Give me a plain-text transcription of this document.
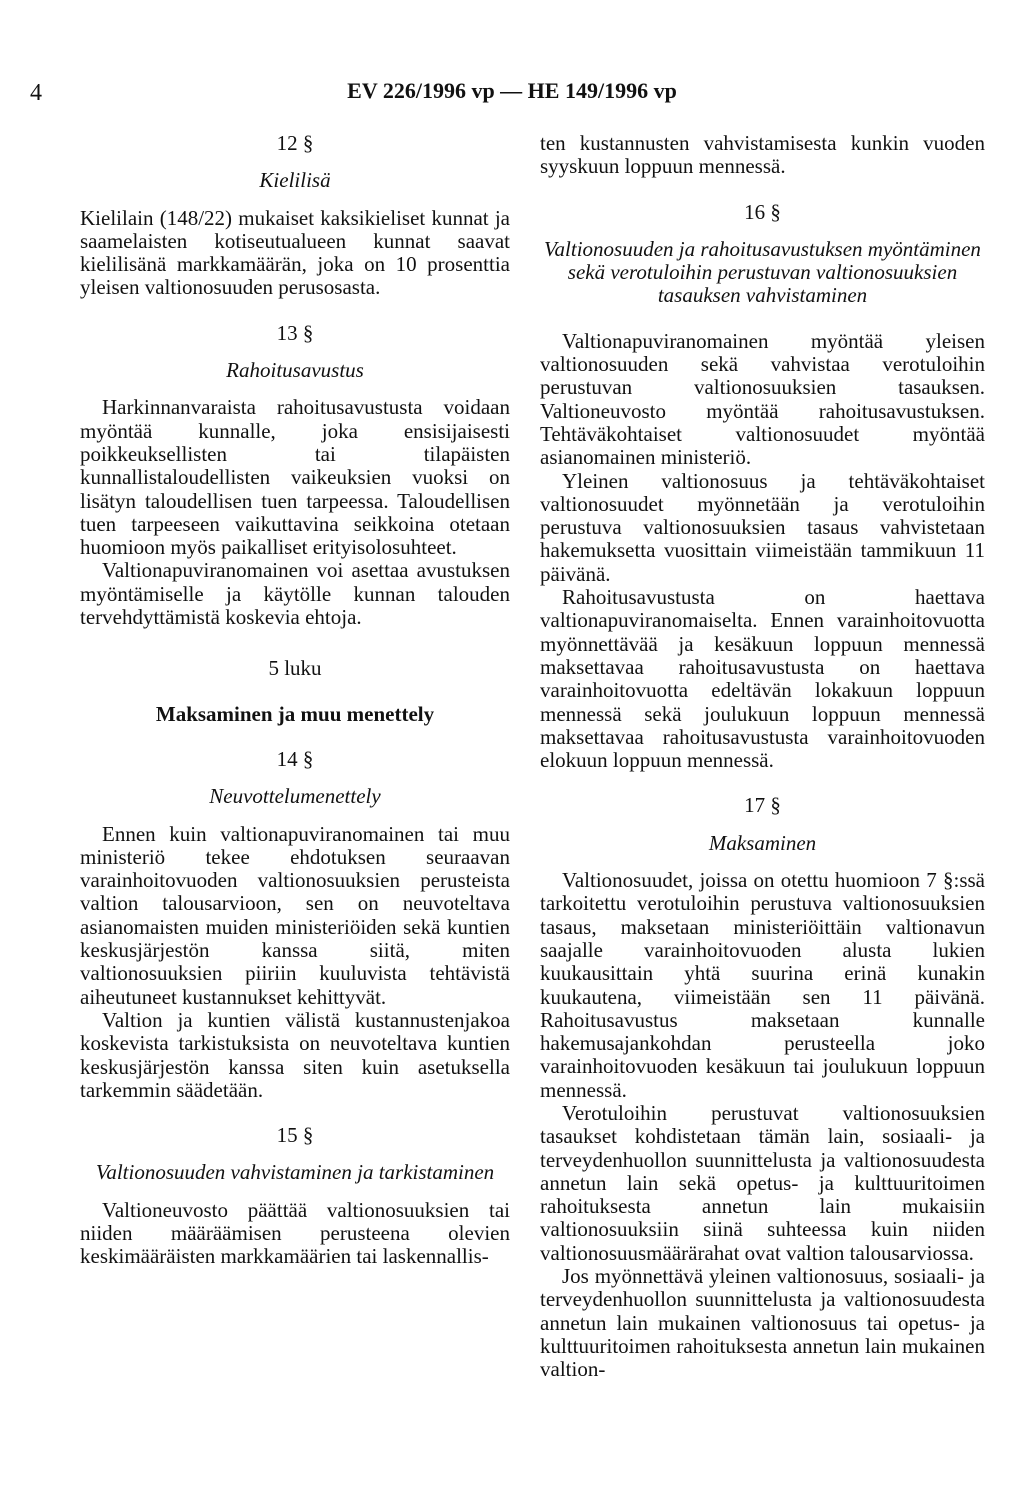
4	EV 226/1996 vp — HE 149/1996 vp

12 §

Kielilisä

Kielilain (148/22) mukaiset kaksikieliset kunnat ja saamelaisten kotiseutualueen kunnat saavat kielilisänä markkamäärän, joka on 10 prosenttia yleisen valtionosuuden perusosasta.

13 §

Rahoitusavustus

Harkinnanvaraista rahoitusavustusta voidaan myöntää kunnalle, joka ensisijaisesti poikkeuksellisten tai tilapäisten kunnallistaloudellisten vaikeuksien vuoksi on lisätyn taloudellisen tuen tarpeessa. Taloudellisen tuen tarpeeseen vaikuttavina seikkoina otetaan huomioon myös paikalliset erityisolosuhteet.

Valtionapuviranomainen voi asettaa avustuksen myöntämiselle ja käytölle kunnan talouden tervehdyttämistä koskevia ehtoja.

5 luku

Maksaminen ja muu menettely

14 §

Neuvottelumenettely

Ennen kuin valtionapuviranomainen tai muu ministeriö tekee ehdotuksen seuraavan varainhoitovuoden valtionosuuksien perusteista valtion talousarvioon, sen on neuvoteltava asianomaisten muiden ministeriöiden sekä kuntien keskusjärjestön kanssa siitä, miten valtionosuuksien piiriin kuuluvista tehtävistä aiheutuneet kustannukset kehittyvät.

Valtion ja kuntien välistä kustannustenjakoa koskevista tarkistuksista on neuvoteltava kuntien keskusjärjestön kanssa siten kuin asetuksella tarkemmin säädetään.

15 §

Valtionosuuden vahvistaminen ja tarkistaminen

Valtioneuvosto päättää valtionosuuksien tai niiden määräämisen perusteena olevien keskimääräisten markkamäärien tai laskennallis-

ten kustannusten vahvistamisesta kunkin vuoden syyskuun loppuun mennessä.

16 §

Valtionosuuden ja rahoitusavustuksen myöntäminen sekä verotuloihin perustuvan valtionosuuksien tasauksen vahvistaminen

Valtionapuviranomainen myöntää yleisen valtionosuuden sekä vahvistaa verotuloihin perustuvan valtionosuuksien tasauksen. Valtioneuvosto myöntää rahoitusavustuksen. Tehtäväkohtaiset valtionosuudet myöntää asianomainen ministeriö.

Yleinen valtionosuus ja tehtäväkohtaiset valtionosuudet myönnetään ja verotuloihin perustuva valtionosuuksien tasaus vahvistetaan hakemuksetta vuosittain viimeistään tammikuun 11 päivänä.

Rahoitusavustusta on haettava valtionapuviranomaiselta. Ennen varainhoitovuotta myönnettävää ja kesäkuun loppuun mennessä maksettavaa rahoitusavustusta on haettava varainhoitovuotta edeltävän lokakuun loppuun mennessä sekä joulukuun loppuun mennessä maksettavaa rahoitusavustusta varainhoitovuoden elokuun loppuun mennessä.

17 §

Maksaminen

Valtionosuudet, joissa on otettu huomioon 7 §:ssä tarkoitettu verotuloihin perustuva valtionosuuksien tasaus, maksetaan ministeriöittäin valtionavun saajalle varainhoitovuoden alusta lukien kuukausittain yhtä suurina erinä kunakin kuukautena, viimeistään sen 11 päivänä. Rahoitusavustus maksetaan kunnalle hakemusajankohdan perusteella joko varainhoitovuoden kesäkuun tai joulukuun loppuun mennessä.

Verotuloihin perustuvat valtionosuuksien tasaukset kohdistetaan tämän lain, sosiaali- ja terveydenhuollon suunnittelusta ja valtionosuudesta annetun lain sekä opetus- ja kulttuuritoimen rahoituksesta annetun lain mukaisiin valtionosuuksiin siinä suhteessa kuin niiden valtionosuusmäärärahat ovat valtion talousarviossa.

Jos myönnettävä yleinen valtionosuus, sosiaali- ja terveydenhuollon suunnittelusta ja valtionosuudesta annetun lain mukainen valtionosuus tai opetus- ja kulttuuritoimen rahoituksesta annetun lain mukainen valtion-
